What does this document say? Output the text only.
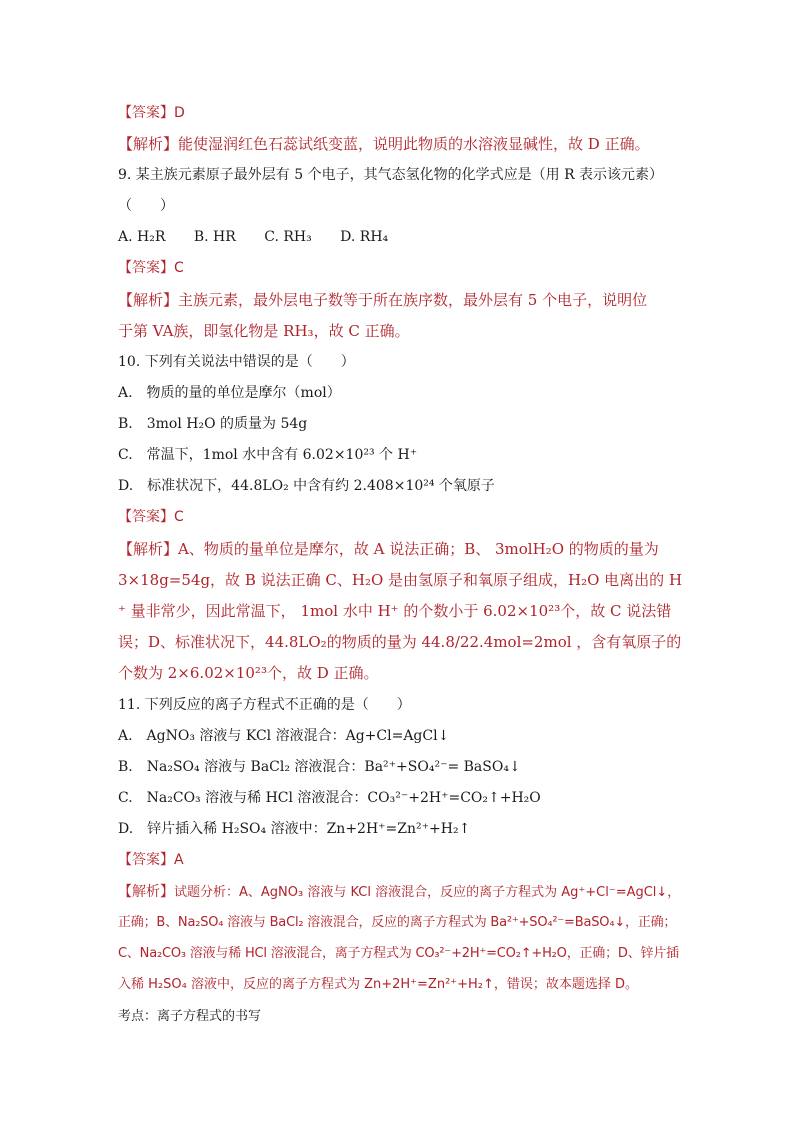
【答案】D
【解析】能使湿润红色石蕊试纸变蓝，说明此物质的水溶液显碱性，故 D 正确。
9. 某主族元素原子最外层有 5 个电子，其气态氢化物的化学式应是（用 R 表示该元素）
（　　）
A. H₂R B. HR C. RH₃ D. RH₄
【答案】C
【解析】主族元素，最外层电子数等于所在族序数，最外层有 5 个电子，说明位
于第 VA族，即氢化物是 RH₃，故 C 正确。
10. 下列有关说法中错误的是（　　）
A.　物质的量的单位是摩尔（mol）
B.　3mol H₂O 的质量为 54g
C.　常温下，1mol 水中含有 6.02×10²³ 个 H⁺
D.　标准状况下，44.8LO₂ 中含有约 2.408×10²⁴ 个氧原子
【答案】C
【解析】A、物质的量单位是摩尔，故 A 说法正确；B、 3molH₂O 的物质的量为
3×18g=54g，故 B 说法正确 C、H₂O 是由氢原子和氧原子组成，H₂O 电离出的 H
⁺ 量非常少，因此常温下， 1mol 水中 H⁺ 的个数小于 6.02×10²³个，故 C 说法错
误；D、标准状况下，44.8LO₂的物质的量为 44.8/22.4mol=2mol ，含有氧原子的
个数为 2×6.02×10²³个，故 D 正确。
11. 下列反应的离子方程式不正确的是（　　）
A.　AgNO₃ 溶液与 KCl 溶液混合：Ag+Cl=AgCl↓
B.　Na₂SO₄ 溶液与 BaCl₂ 溶液混合：Ba²⁺+SO₄²⁻= BaSO₄↓
C.　Na₂CO₃ 溶液与稀 HCl 溶液混合：CO₃²⁻+2H⁺=CO₂↑+H₂O
D.　锌片插入稀 H₂SO₄ 溶液中：Zn+2H⁺=Zn²⁺+H₂↑
【答案】A
【解析】试题分析：A、AgNO₃ 溶液与 KCl 溶液混合，反应的离子方程式为 Ag⁺+Cl⁻=AgCl↓，
正确；B、Na₂SO₄ 溶液与 BaCl₂ 溶液混合，反应的离子方程式为 Ba²⁺+SO₄²⁻=BaSO₄↓，正确；
C、Na₂CO₃ 溶液与稀 HCl 溶液混合，离子方程式为 CO₃²⁻+2H⁺=CO₂↑+H₂O，正确；D、锌片插
入稀 H₂SO₄ 溶液中，反应的离子方程式为 Zn+2H⁺=Zn²⁺+H₂↑，错误；故本题选择 D。
考点：离子方程式的书写
